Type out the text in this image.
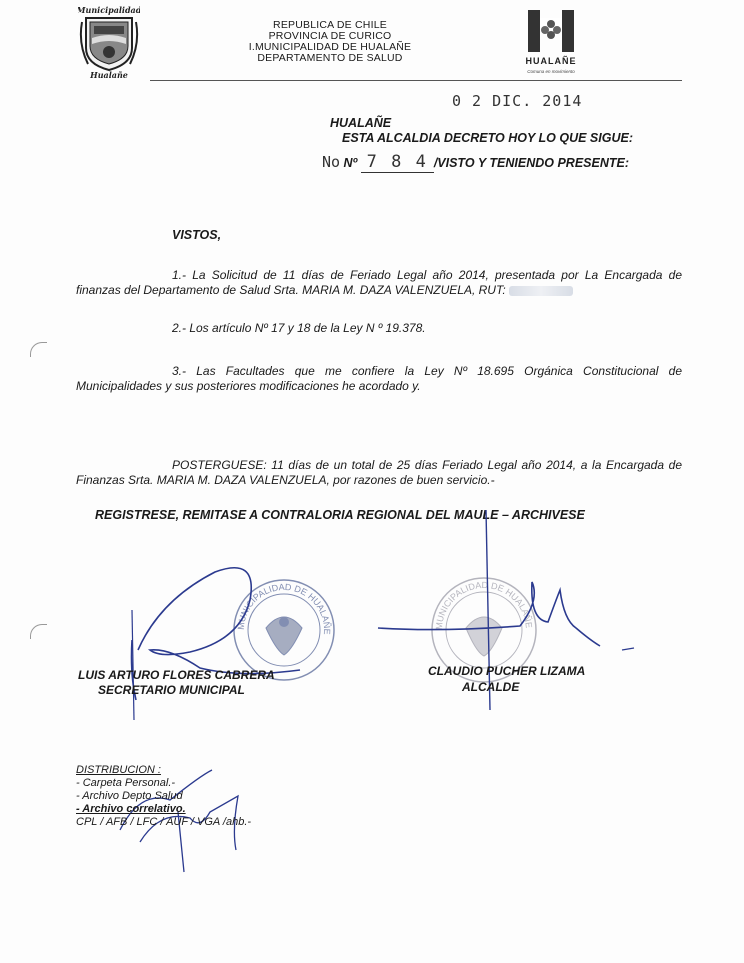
Municipalidad
Hualañe
REPUBLICA DE CHILE
PROVINCIA DE CURICO
I.MUNICIPALIDAD DE HUALAÑE
DEPARTAMENTO DE SALUD	HUALAÑE
Comuna en movimiento
0 2 DIC. 2014
HUALAÑE
ESTA ALCALDIA DECRETO HOY LO QUE SIGUE:
No Nº 7 8 4 /VISTO Y TENIENDO PRESENTE:
VISTOS,
1.- La Solicitud de 11 días de Feriado Legal año 2014, presentada por La Encargada de finanzas del Departamento de Salud Srta. MARIA M. DAZA VALENZUELA, RUT:
2.- Los artículo Nº 17 y 18 de la Ley N º 19.378.
3.- Las Facultades que me confiere la Ley Nº 18.695 Orgánica Constitucional de Municipalidades y sus posteriores modificaciones he acordado y.
POSTERGUESE: 11 días de un total de 25 días Feriado Legal año 2014, a la Encargada de Finanzas Srta. MARIA M. DAZA VALENZUELA, por razones de buen servicio.-
REGISTRESE, REMITASE A CONTRALORIA REGIONAL DEL MAULE – ARCHIVESE
MUNICIPALIDAD DE HUALAÑE
MUNICIPALIDAD DE HUALAÑE
LUIS ARTURO FLORES CABRERA
SECRETARIO MUNICIPAL
CLAUDIO PUCHER LIZAMA
ALCALDE
DISTRIBUCION :
- Carpeta Personal.-
- Archivo Depto Salud
- Archivo correlativo.
CPL / AFB / LFC / AUF / VGA /ahb.-
